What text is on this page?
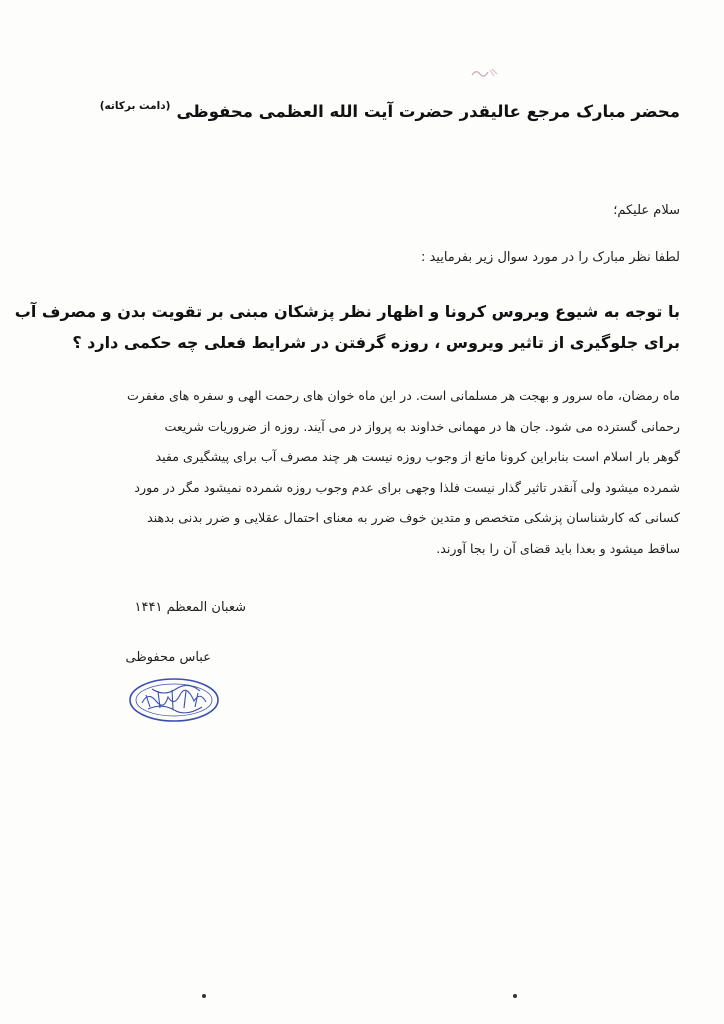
محضر مبارک مرجع عالیقدر حضرت آیت الله العظمی محفوظی$^{(دامت برکاته)}$
سلام علیکم؛
لطفا نظر مبارک را در مورد سوال زیر بفرمایید :
با توجه به شیوع ویروس کرونا و اظهار نظر پزشکان مبنی بر تقویت بدن و مصرف آب
برای جلوگیری از تاثیر ویروس ، روزه گرفتن در شرایط فعلی چه حکمی دارد ؟
ماه رمضان، ماه سرور و بهجت هر مسلمانی است. در این ماه خوان های رحمت الهی و سفره های مغفرت
رحمانی گسترده می شود. جان ها در مهمانی خداوند به پرواز در می آیند. روزه از ضروریات شریعت
گوهر بار اسلام است بنابراین کرونا مانع از وجوب روزه نیست هر چند مصرف آب برای پیشگیری مفید
شمرده میشود ولی آنقدر تاثیر گذار نیست فلذا وجهی برای عدم وجوب روزه شمرده نمیشود مگر در مورد
کسانی که کارشناسان پزشکی متخصص و متدین خوف ضرر به معنای احتمال عقلایی و ضرر بدنی بدهند
ساقط میشود و بعدا باید قضای آن را بجا آورند.
شعبان المعظم ۱۴۴۱
عباس محفوظی
